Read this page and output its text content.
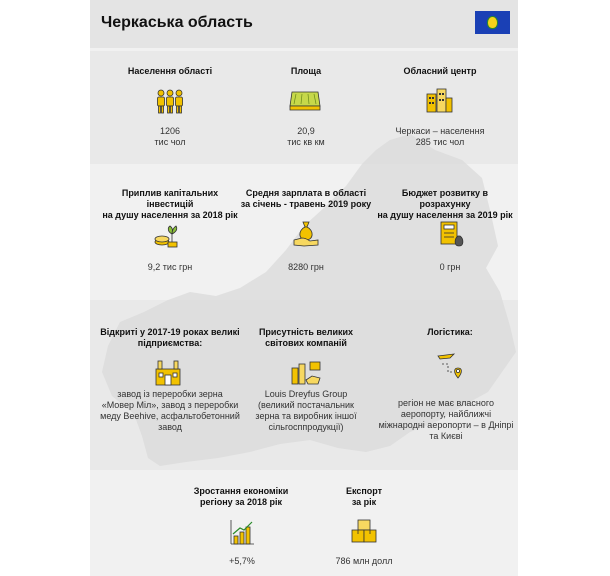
Черкаська область
Населення області
1206
тис чол
Площа
20,9
тис кв км
Обласний центр
Черкаси – населення
285 тис чол
Приплив капітальних інвестицій
на душу населення за 2018 рік
9,2 тис грн
Средня зарплата в області
за січень - травень 2019 року
8280 грн
Бюджет розвитку в розрахунку
на душу населення за 2019 рік
0 грн
Відкриті у 2017-19 роках великі
підприємства:
завод із переробки зерна
«Мовер Міл», завод з переробки
меду Beehive, асфальтобетонний
завод
Присутність великих
світових компаній
Louis Dreyfus Group
(великий постачальник
зерна та виробник іншої
сільгосппродукції)
Логістика:
регіон не має власного
аеропорту, найближчі
міжнародні аеропорти – в Дніпрі
та Києві
Зростання економіки
регіону за 2018 рік
+5,7%
Експорт
за рік
786 млн долл
